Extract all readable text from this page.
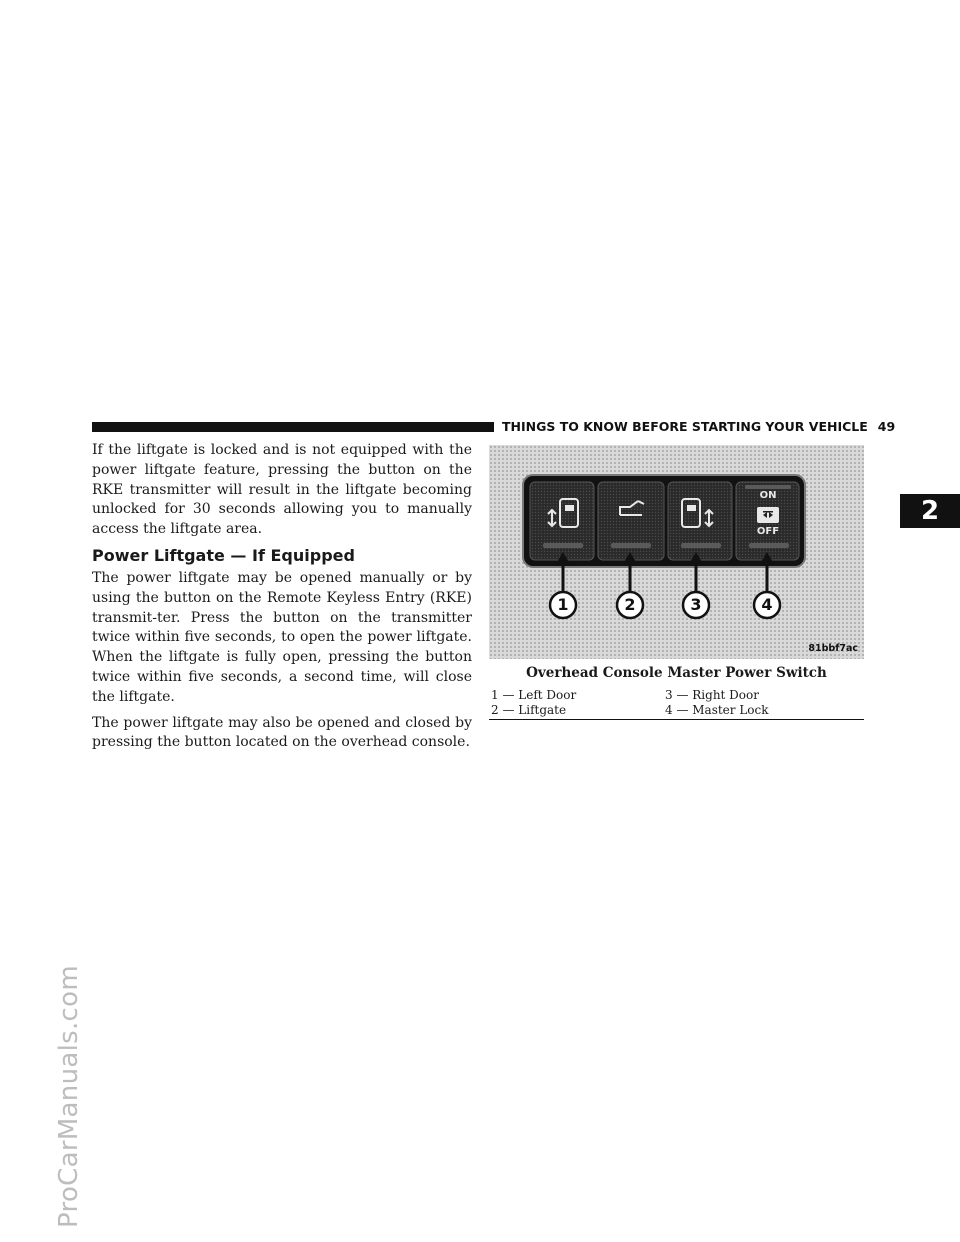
ProCarManuals.com
THINGS TO KNOW BEFORE STARTING YOUR VEHICLE 49
2

If the liftgate is locked and is not equipped with the power liftgate feature, pressing the button on the RKE transmitter will result in the liftgate becoming unlocked for 30 seconds allowing you to manually access the liftgate area.

Power Liftgate — If Equipped

The power liftgate may be opened manually or by using the button on the Remote Keyless Entry (RKE) transmit-ter. Press the button on the transmitter twice within five seconds, to open the power liftgate. When the liftgate is fully open, pressing the button twice within five seconds, a second time, will close the liftgate.

The power liftgate may also be opened and closed by pressing the button located on the overhead console.

1	2	3	4
ON
OFF
81bbf7ac
Overhead Console Master Power Switch
1 — Left Door	3 — Right Door
2 — Liftgate	4 — Master Lock
